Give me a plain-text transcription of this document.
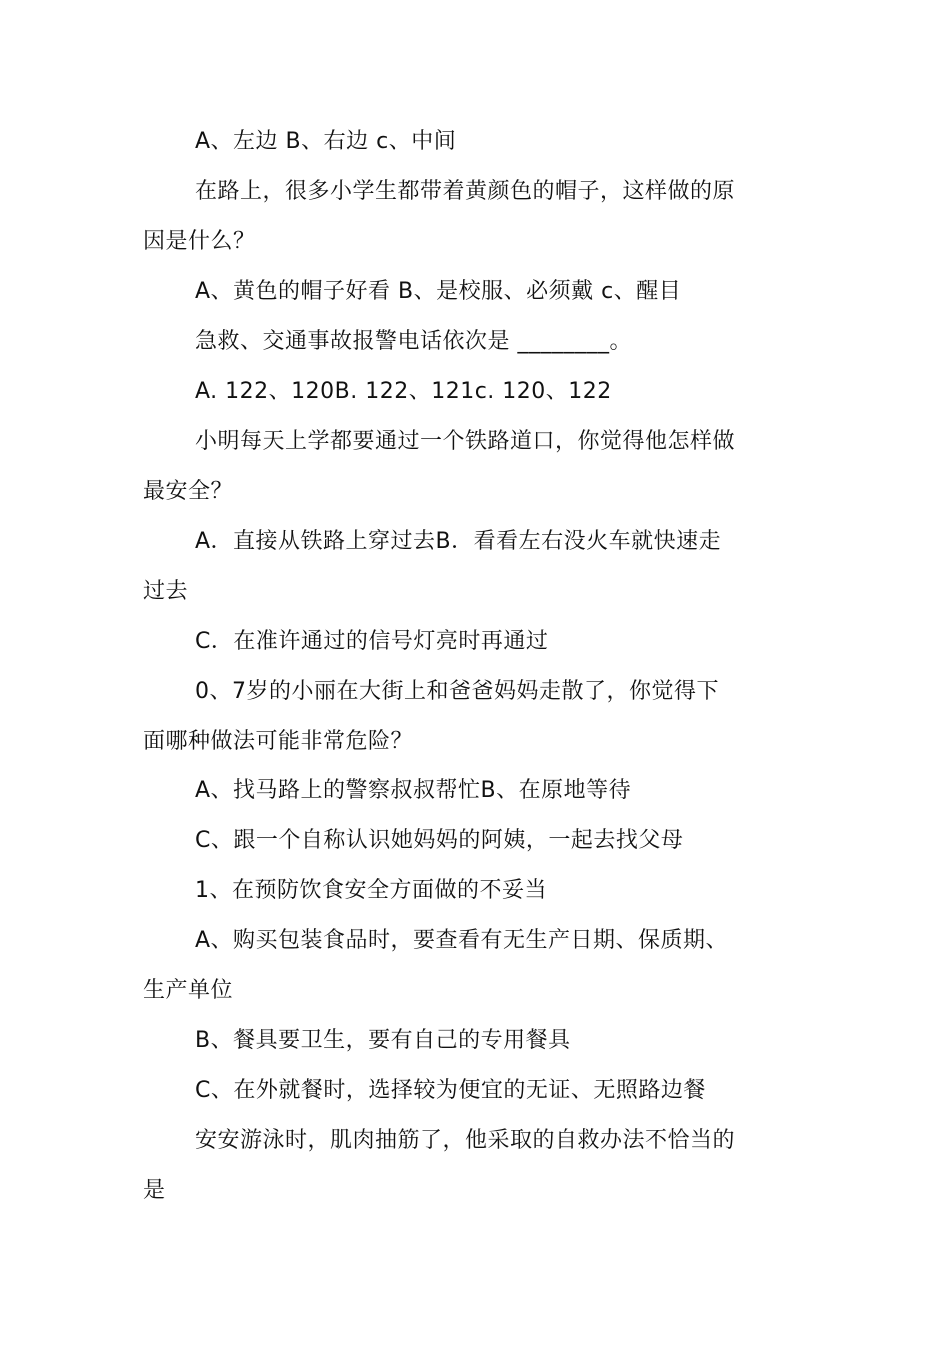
A、左边 B、右边 c、中间
在路上，很多小学生都带着黄颜色的帽子，这样做的原
因是什么？
A、黄色的帽子好看 B、是校服、必须戴 c、醒目
急救、交通事故报警电话依次是 ________。
A. 122、120B. 122、121c. 120、122
小明每天上学都要通过一个铁路道口，你觉得他怎样做
最安全？
A．直接从铁路上穿过去B．看看左右没火车就快速走
过去
C．在准许通过的信号灯亮时再通过
0、7岁的小丽在大街上和爸爸妈妈走散了，你觉得下
面哪种做法可能非常危险？
A、找马路上的警察叔叔帮忙B、在原地等待
C、跟一个自称认识她妈妈的阿姨，一起去找父母
1、在预防饮食安全方面做的不妥当
A、购买包装食品时，要查看有无生产日期、保质期、
生产单位
B、餐具要卫生，要有自己的专用餐具
C、在外就餐时，选择较为便宜的无证、无照路边餐
安安游泳时，肌肉抽筋了，他采取的自救办法不恰当的
是
